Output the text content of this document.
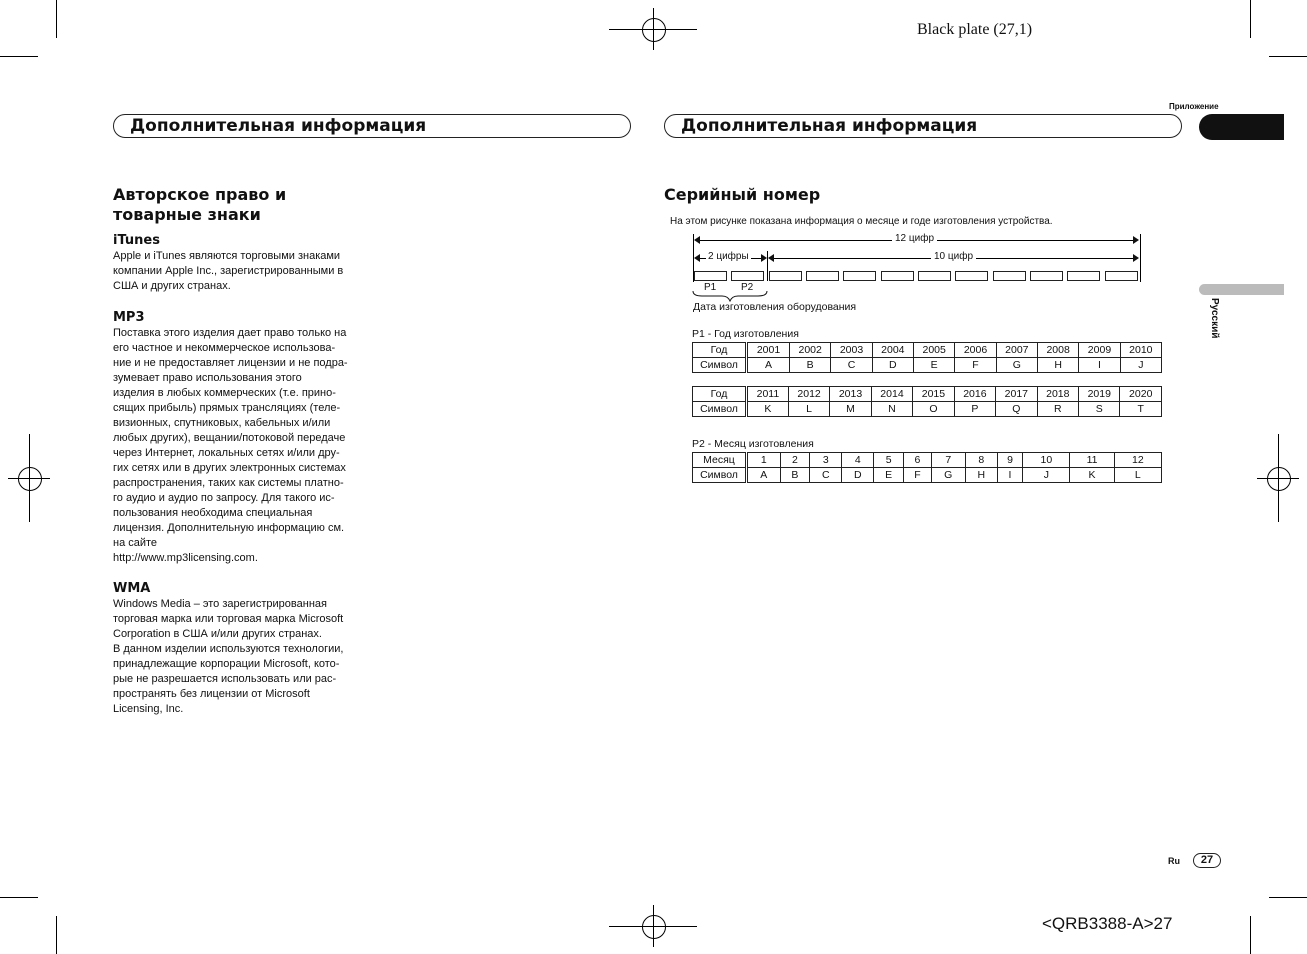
Black plate (27,1)
Дополнительная информация
Авторское право и
товарные знаки
iTunes
Apple и iTunes являются торговыми знаками
компании Apple Inc., зарегистрированными в
США и других странах.
MP3
Поставка этого изделия дает право только на
его частное и некоммерческое использова-
ние и не предоставляет лицензии и не подра-
зумевает право использования этого
изделия в любых коммерческих (т.е. прино-
сящих прибыль) прямых трансляциях (теле-
визионных, спутниковых, кабельных и/или
любых других), вещании/потоковой передаче
через Интернет, локальных сетях и/или дру-
гих сетях или в других электронных системах
распространения, таких как системы платно-
го аудио и аудио по запросу. Для такого ис-
пользования необходима специальная
лицензия. Дополнительную информацию см.
на сайте
http://www.mp3licensing.com.
WMA
Windows Media – это зарегистрированная
торговая марка или торговая марка Microsoft
Corporation в США и/или других странах.
В данном изделии используются технологии,
принадлежащие корпорации Microsoft, кото-
рые не разрешается использовать или рас-
пространять без лицензии от Microsoft
Licensing, Inc.
Приложение
Дополнительная информация
Русский
Серийный номер
На этом рисунке показана информация о месяце и годе изготовления устройства.
12 цифр
2 цифры	10 цифр
P1 P2
Дата изготовления оборудования
P1 - Год изготовления
Год	2001	2002	2003	2004	2005	2006	2007	2008	2009	2010
Символ	A	B	C	D	E	F	G	H	I	J
Год	2011	2012	2013	2014	2015	2016	2017	2018	2019	2020
Символ	K	L	M	N	O	P	Q	R	S	T
P2 - Месяц изготовления
Месяц	1	2	3	4	5	6	7	8	9	10	11	12
Символ	A	B	C	D	E	F	G	H	I	J	K	L
Ru	27
<QRB3388-A>27
